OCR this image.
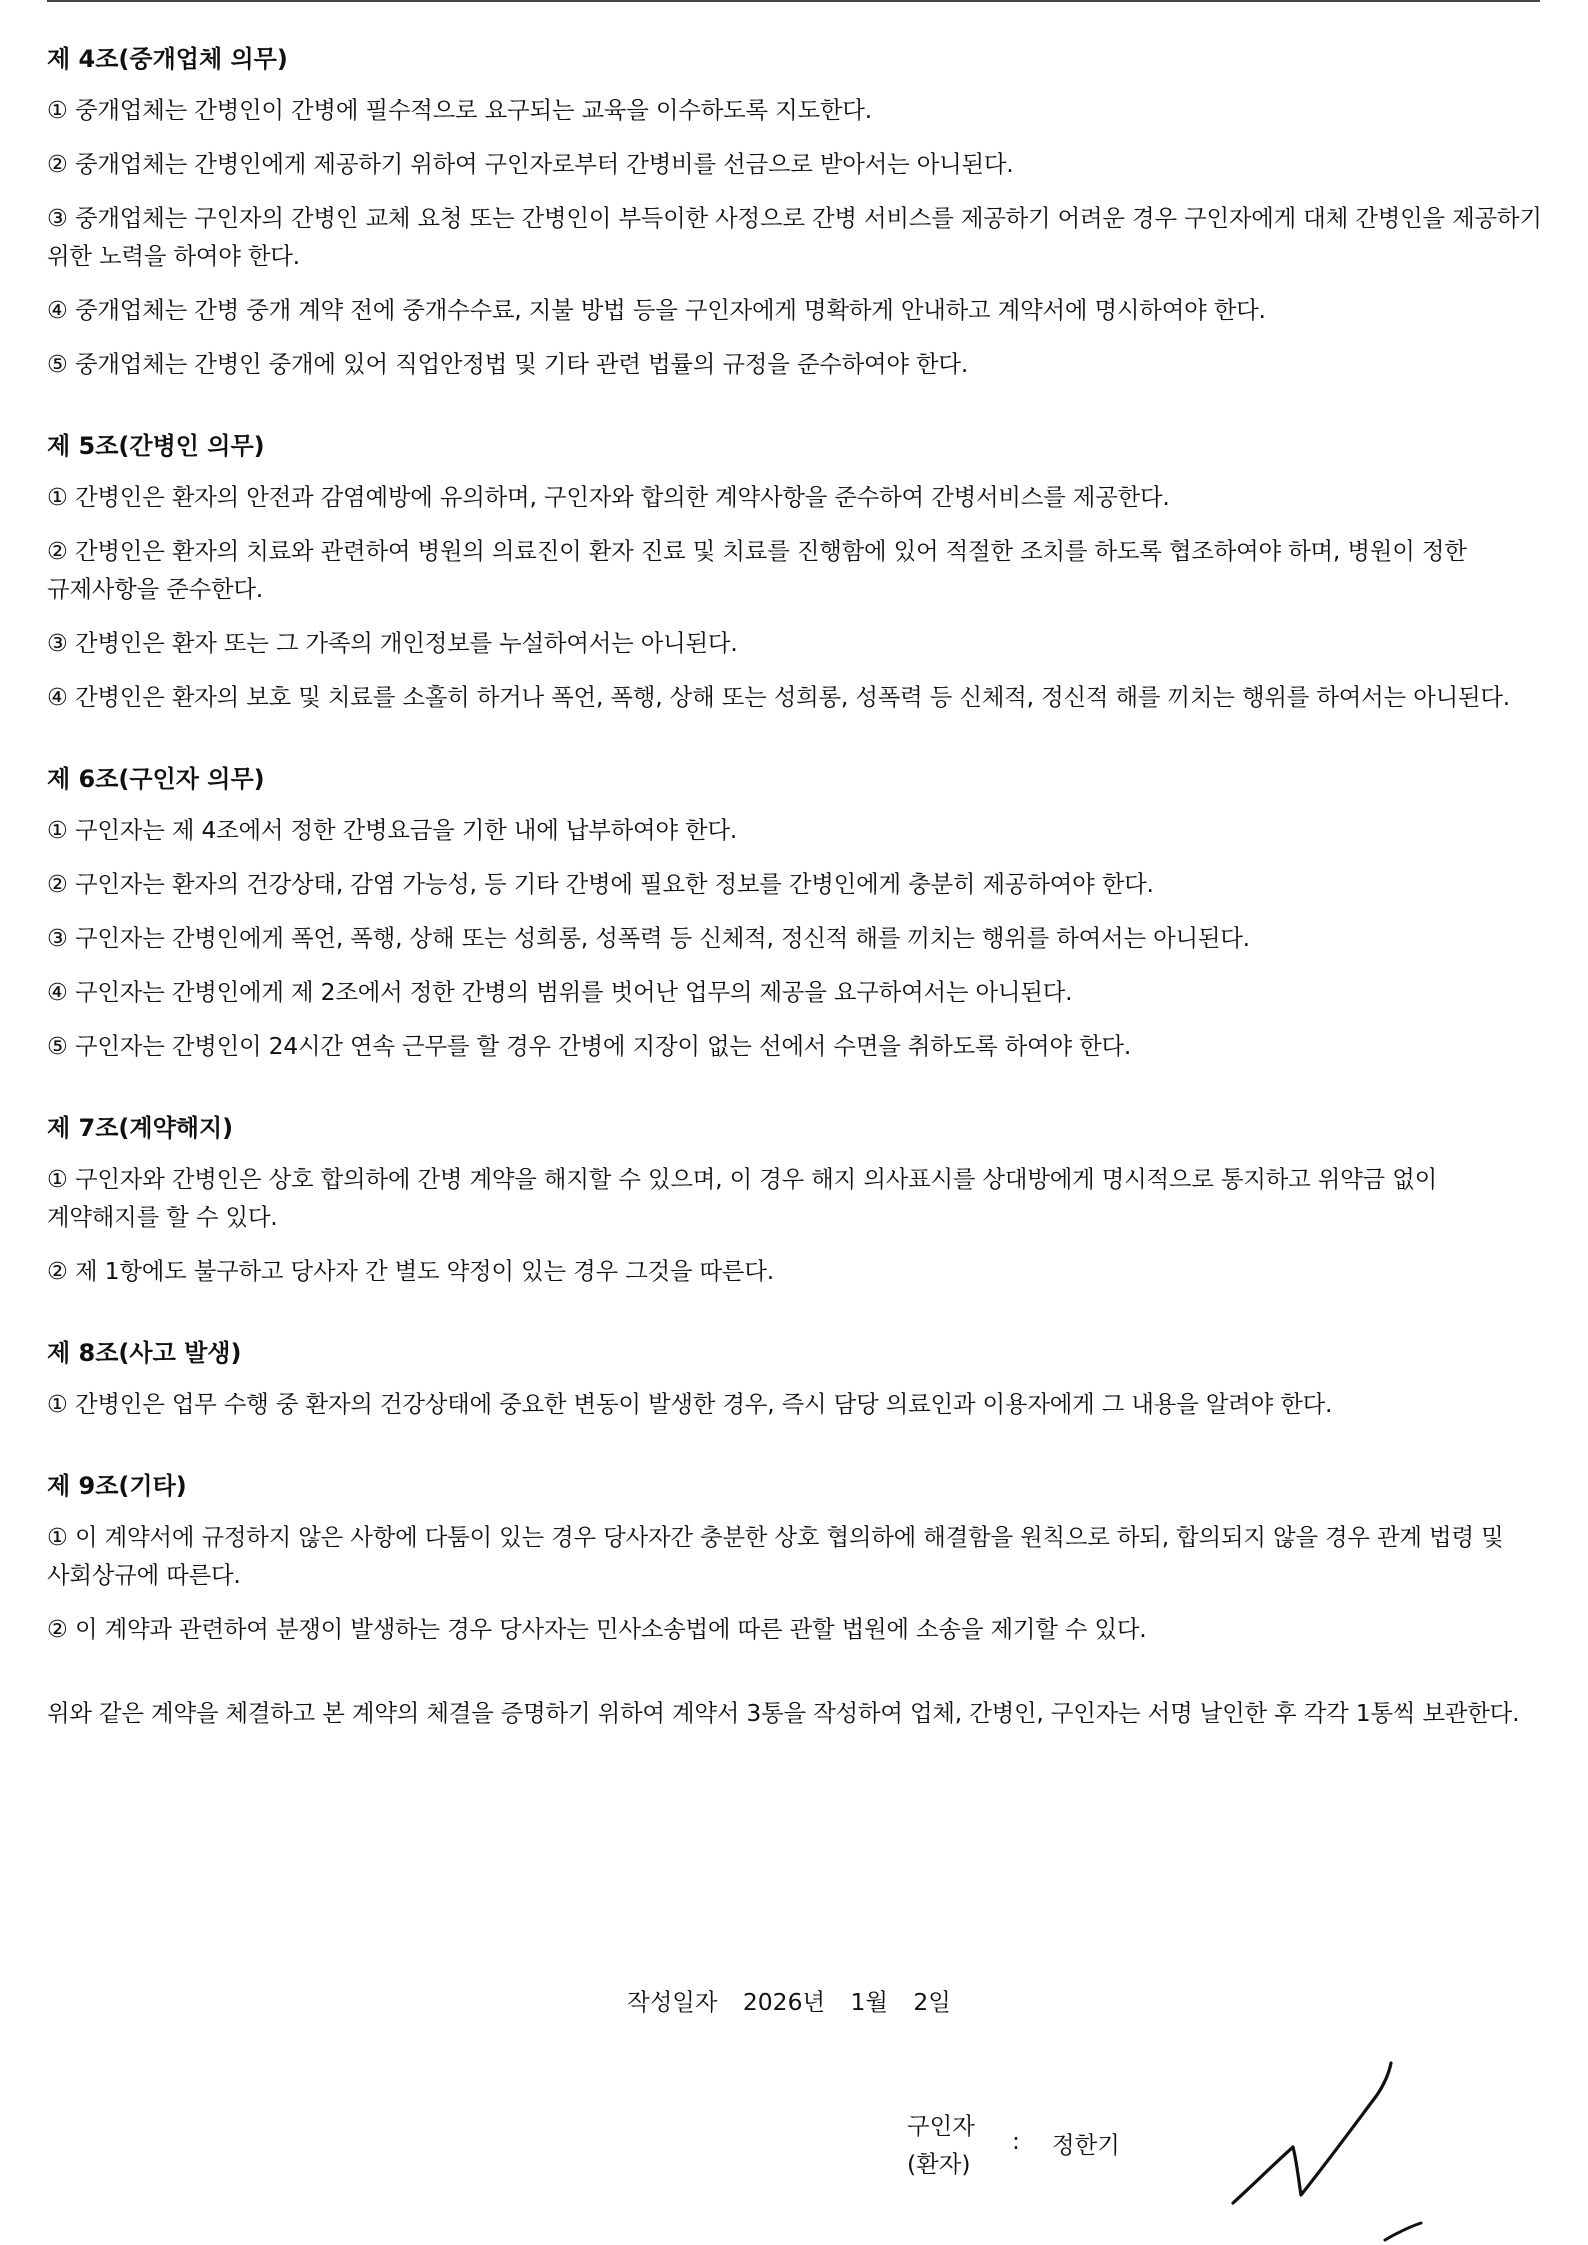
제 4조(중개업체 의무)

① 중개업체는 간병인이 간병에 필수적으로 요구되는 교육을 이수하도록 지도한다.

② 중개업체는 간병인에게 제공하기 위하여 구인자로부터 간병비를 선금으로 받아서는 아니된다.

③ 중개업체는 구인자의 간병인 교체 요청 또는 간병인이 부득이한 사정으로 간병 서비스를 제공하기 어려운 경우 구인자에게 대체 간병인을 제공하기 위한 노력을 하여야 한다.

④ 중개업체는 간병 중개 계약 전에 중개수수료, 지불 방법 등을 구인자에게 명확하게 안내하고 계약서에 명시하여야 한다.

⑤ 중개업체는 간병인 중개에 있어 직업안정법 및 기타 관련 법률의 규정을 준수하여야 한다.

제 5조(간병인 의무)

① 간병인은 환자의 안전과 감염예방에 유의하며, 구인자와 합의한 계약사항을 준수하여 간병서비스를 제공한다.

② 간병인은 환자의 치료와 관련하여 병원의 의료진이 환자 진료 및 치료를 진행함에 있어 적절한 조치를 하도록 협조하여야 하며, 병원이 정한 규제사항을 준수한다.

③ 간병인은 환자 또는 그 가족의 개인정보를 누설하여서는 아니된다.

④ 간병인은 환자의 보호 및 치료를 소홀히 하거나 폭언, 폭행, 상해 또는 성희롱, 성폭력 등 신체적, 정신적 해를 끼치는 행위를 하여서는 아니된다.

제 6조(구인자 의무)

① 구인자는 제 4조에서 정한 간병요금을 기한 내에 납부하여야 한다.

② 구인자는 환자의 건강상태, 감염 가능성, 등 기타 간병에 필요한 정보를 간병인에게 충분히 제공하여야 한다.

③ 구인자는 간병인에게 폭언, 폭행, 상해 또는 성희롱, 성폭력 등 신체적, 정신적 해를 끼치는 행위를 하여서는 아니된다.

④ 구인자는 간병인에게 제 2조에서 정한 간병의 범위를 벗어난 업무의 제공을 요구하여서는 아니된다.

⑤ 구인자는 간병인이 24시간 연속 근무를 할 경우 간병에 지장이 없는 선에서 수면을 취하도록 하여야 한다.

제 7조(계약해지)

① 구인자와 간병인은 상호 합의하에 간병 계약을 해지할 수 있으며, 이 경우 해지 의사표시를 상대방에게 명시적으로 통지하고 위약금 없이 계약해지를 할 수 있다.

② 제 1항에도 불구하고 당사자 간 별도 약정이 있는 경우 그것을 따른다.

제 8조(사고 발생)

① 간병인은 업무 수행 중 환자의 건강상태에 중요한 변동이 발생한 경우, 즉시 담당 의료인과 이용자에게 그 내용을 알려야 한다.

제 9조(기타)

① 이 계약서에 규정하지 않은 사항에 다툼이 있는 경우 당사자간 충분한 상호 협의하에 해결함을 원칙으로 하되, 합의되지 않을 경우 관계 법령 및 사회상규에 따른다.

② 이 계약과 관련하여 분쟁이 발생하는 경우 당사자는 민사소송법에 따른 관할 법원에 소송을 제기할 수 있다.

위와 같은 계약을 체결하고 본 계약의 체결을 증명하기 위하여 계약서 3통을 작성하여 업체, 간병인, 구인자는 서명 날인한 후 각각 1통씩 보관한다.

작성일자 2026년 1월 2일
구인자
(환자)
: 정한기
